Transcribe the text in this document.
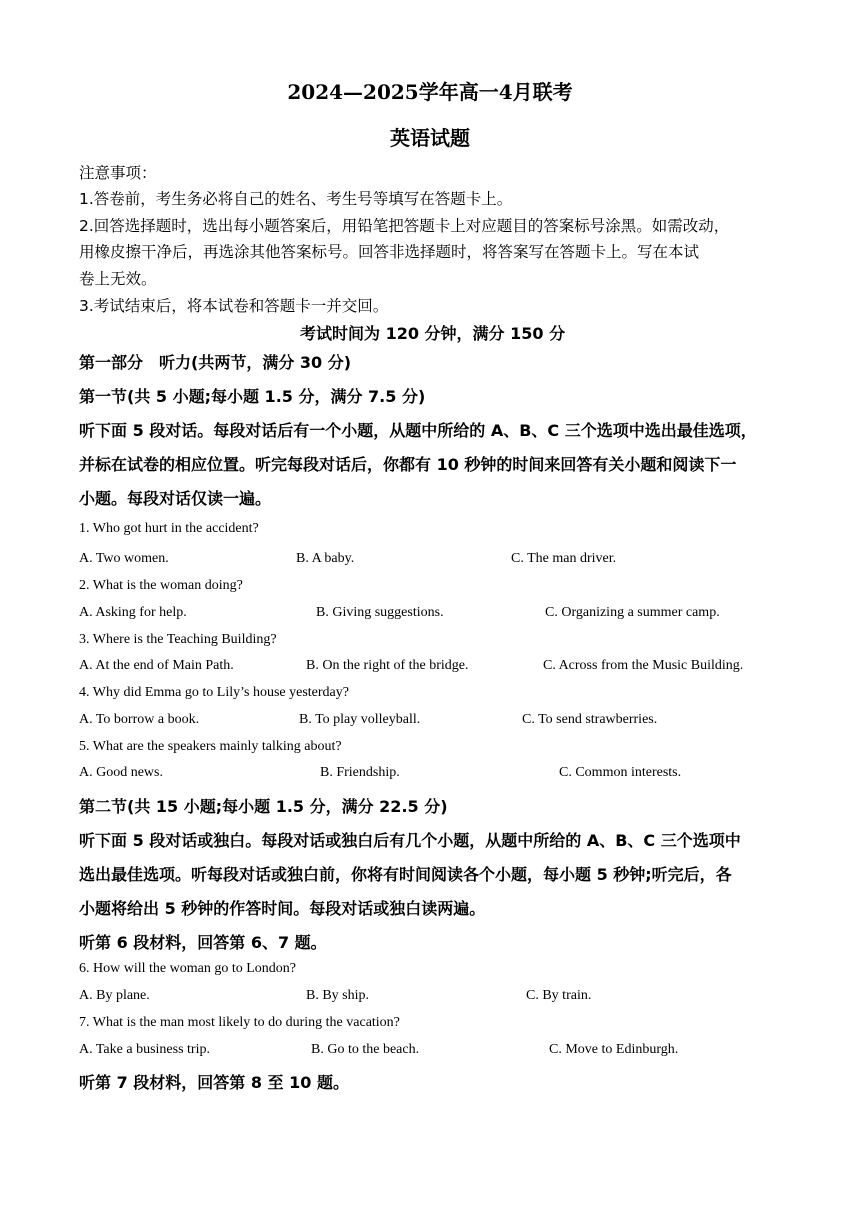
2024—2025学年高一4月联考
英语试题
注意事项：
1.答卷前，考生务必将自己的姓名、考生号等填写在答题卡上。
2.回答选择题时，选出每小题答案后，用铅笔把答题卡上对应题目的答案标号涂黑。如需改动，
用橡皮擦干净后，再选涂其他答案标号。回答非选择题时，将答案写在答题卡上。写在本试
卷上无效。
3.考试结束后，将本试卷和答题卡一并交回。
考试时间为 120 分钟，满分 150 分
第一部分　听力(共两节，满分 30 分)
第一节(共 5 小题;每小题 1.5 分，满分 7.5 分)
听下面 5 段对话。每段对话后有一个小题，从题中所给的 A、B、C 三个选项中选出最佳选项，
并标在试卷的相应位置。听完每段对话后，你都有 10 秒钟的时间来回答有关小题和阅读下一
小题。每段对话仅读一遍。
1. Who got hurt in the accident?
A. Two women.	B. A baby.	C. The man driver.
2. What is the woman doing?
A. Asking for help.	B. Giving suggestions.	C. Organizing a summer camp.
3. Where is the Teaching Building?
A. At the end of Main Path.	B. On the right of the bridge.	C. Across from the Music Building.
4. Why did Emma go to Lily’s house yesterday?
A. To borrow a book.	B. To play volleyball.	C. To send strawberries.
5. What are the speakers mainly talking about?
A. Good news.	B. Friendship.	C. Common interests.
第二节(共 15 小题;每小题 1.5 分，满分 22.5 分)
听下面 5 段对话或独白。每段对话或独白后有几个小题，从题中所给的 A、B、C 三个选项中
选出最佳选项。听每段对话或独白前，你将有时间阅读各个小题，每小题 5 秒钟;听完后，各
小题将给出 5 秒钟的作答时间。每段对话或独白读两遍。
听第 6 段材料，回答第 6、7 题。
6. How will the woman go to London?
A. By plane.	B. By ship.	C. By train.
7. What is the man most likely to do during the vacation?
A. Take a business trip.	B. Go to the beach.	C. Move to Edinburgh.
听第 7 段材料，回答第 8 至 10 题。
